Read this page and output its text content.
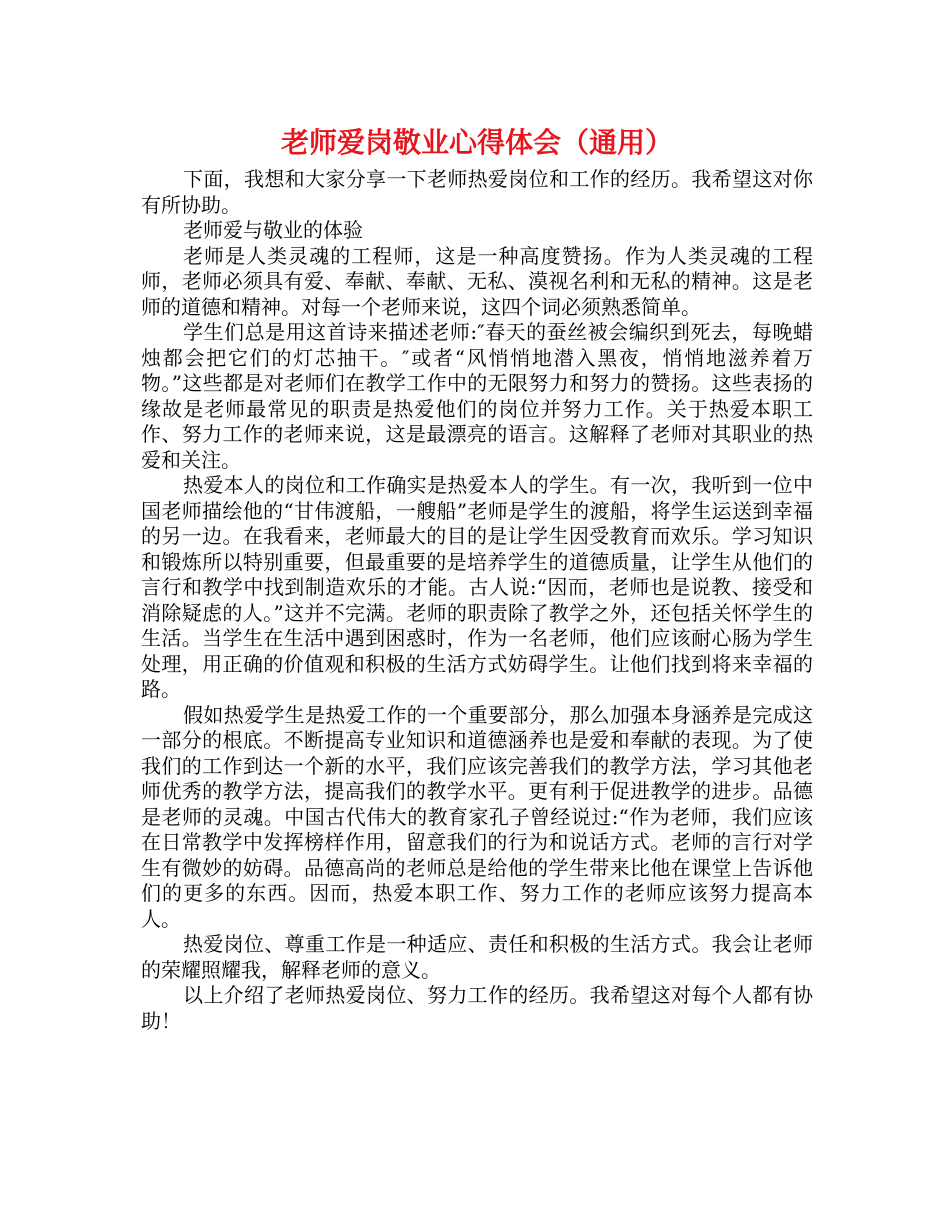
老师爱岗敬业心得体会（通用）

下面，我想和大家分享一下老师热爱岗位和工作的经历。我希望这对你有所协助。

老师爱与敬业的体验

老师是人类灵魂的工程师，这是一种高度赞扬。作为人类灵魂的工程师，老师必须具有爱、奉献、奉献、无私、漠视名利和无私的精神。这是老师的道德和精神。对每一个老师来说，这四个词必须熟悉简单。

学生们总是用这首诗来描述老师:″春天的蚕丝被会编织到死去，每晚蜡烛都会把它们的灯芯抽干。″或者“风悄悄地潜入黑夜，悄悄地滋养着万物。”这些都是对老师们在教学工作中的无限努力和努力的赞扬。这些表扬的缘故是老师最常见的职责是热爱他们的岗位并努力工作。关于热爱本职工作、努力工作的老师来说，这是最漂亮的语言。这解释了老师对其职业的热爱和关注。

热爱本人的岗位和工作确实是热爱本人的学生。有一次，我听到一位中国老师描绘他的“甘伟渡船，一艘船”老师是学生的渡船，将学生运送到幸福的另一边。在我看来，老师最大的目的是让学生因受教育而欢乐。学习知识和锻炼所以特别重要，但最重要的是培养学生的道德质量，让学生从他们的言行和教学中找到制造欢乐的才能。古人说:“因而，老师也是说教、接受和消除疑虑的人。”这并不完满。老师的职责除了教学之外，还包括关怀学生的生活。当学生在生活中遇到困惑时，作为一名老师，他们应该耐心肠为学生处理，用正确的价值观和积极的生活方式妨碍学生。让他们找到将来幸福的路。

假如热爱学生是热爱工作的一个重要部分，那么加强本身涵养是完成这一部分的根底。不断提高专业知识和道德涵养也是爱和奉献的表现。为了使我们的工作到达一个新的水平，我们应该完善我们的教学方法，学习其他老师优秀的教学方法，提高我们的教学水平。更有利于促进教学的进步。品德是老师的灵魂。中国古代伟大的教育家孔子曾经说过:“作为老师，我们应该在日常教学中发挥榜样作用，留意我们的行为和说话方式。老师的言行对学生有微妙的妨碍。品德高尚的老师总是给他的学生带来比他在课堂上告诉他们的更多的东西。因而，热爱本职工作、努力工作的老师应该努力提高本人。

热爱岗位、尊重工作是一种适应、责任和积极的生活方式。我会让老师的荣耀照耀我，解释老师的意义。

以上介绍了老师热爱岗位、努力工作的经历。我希望这对每个人都有协助！
